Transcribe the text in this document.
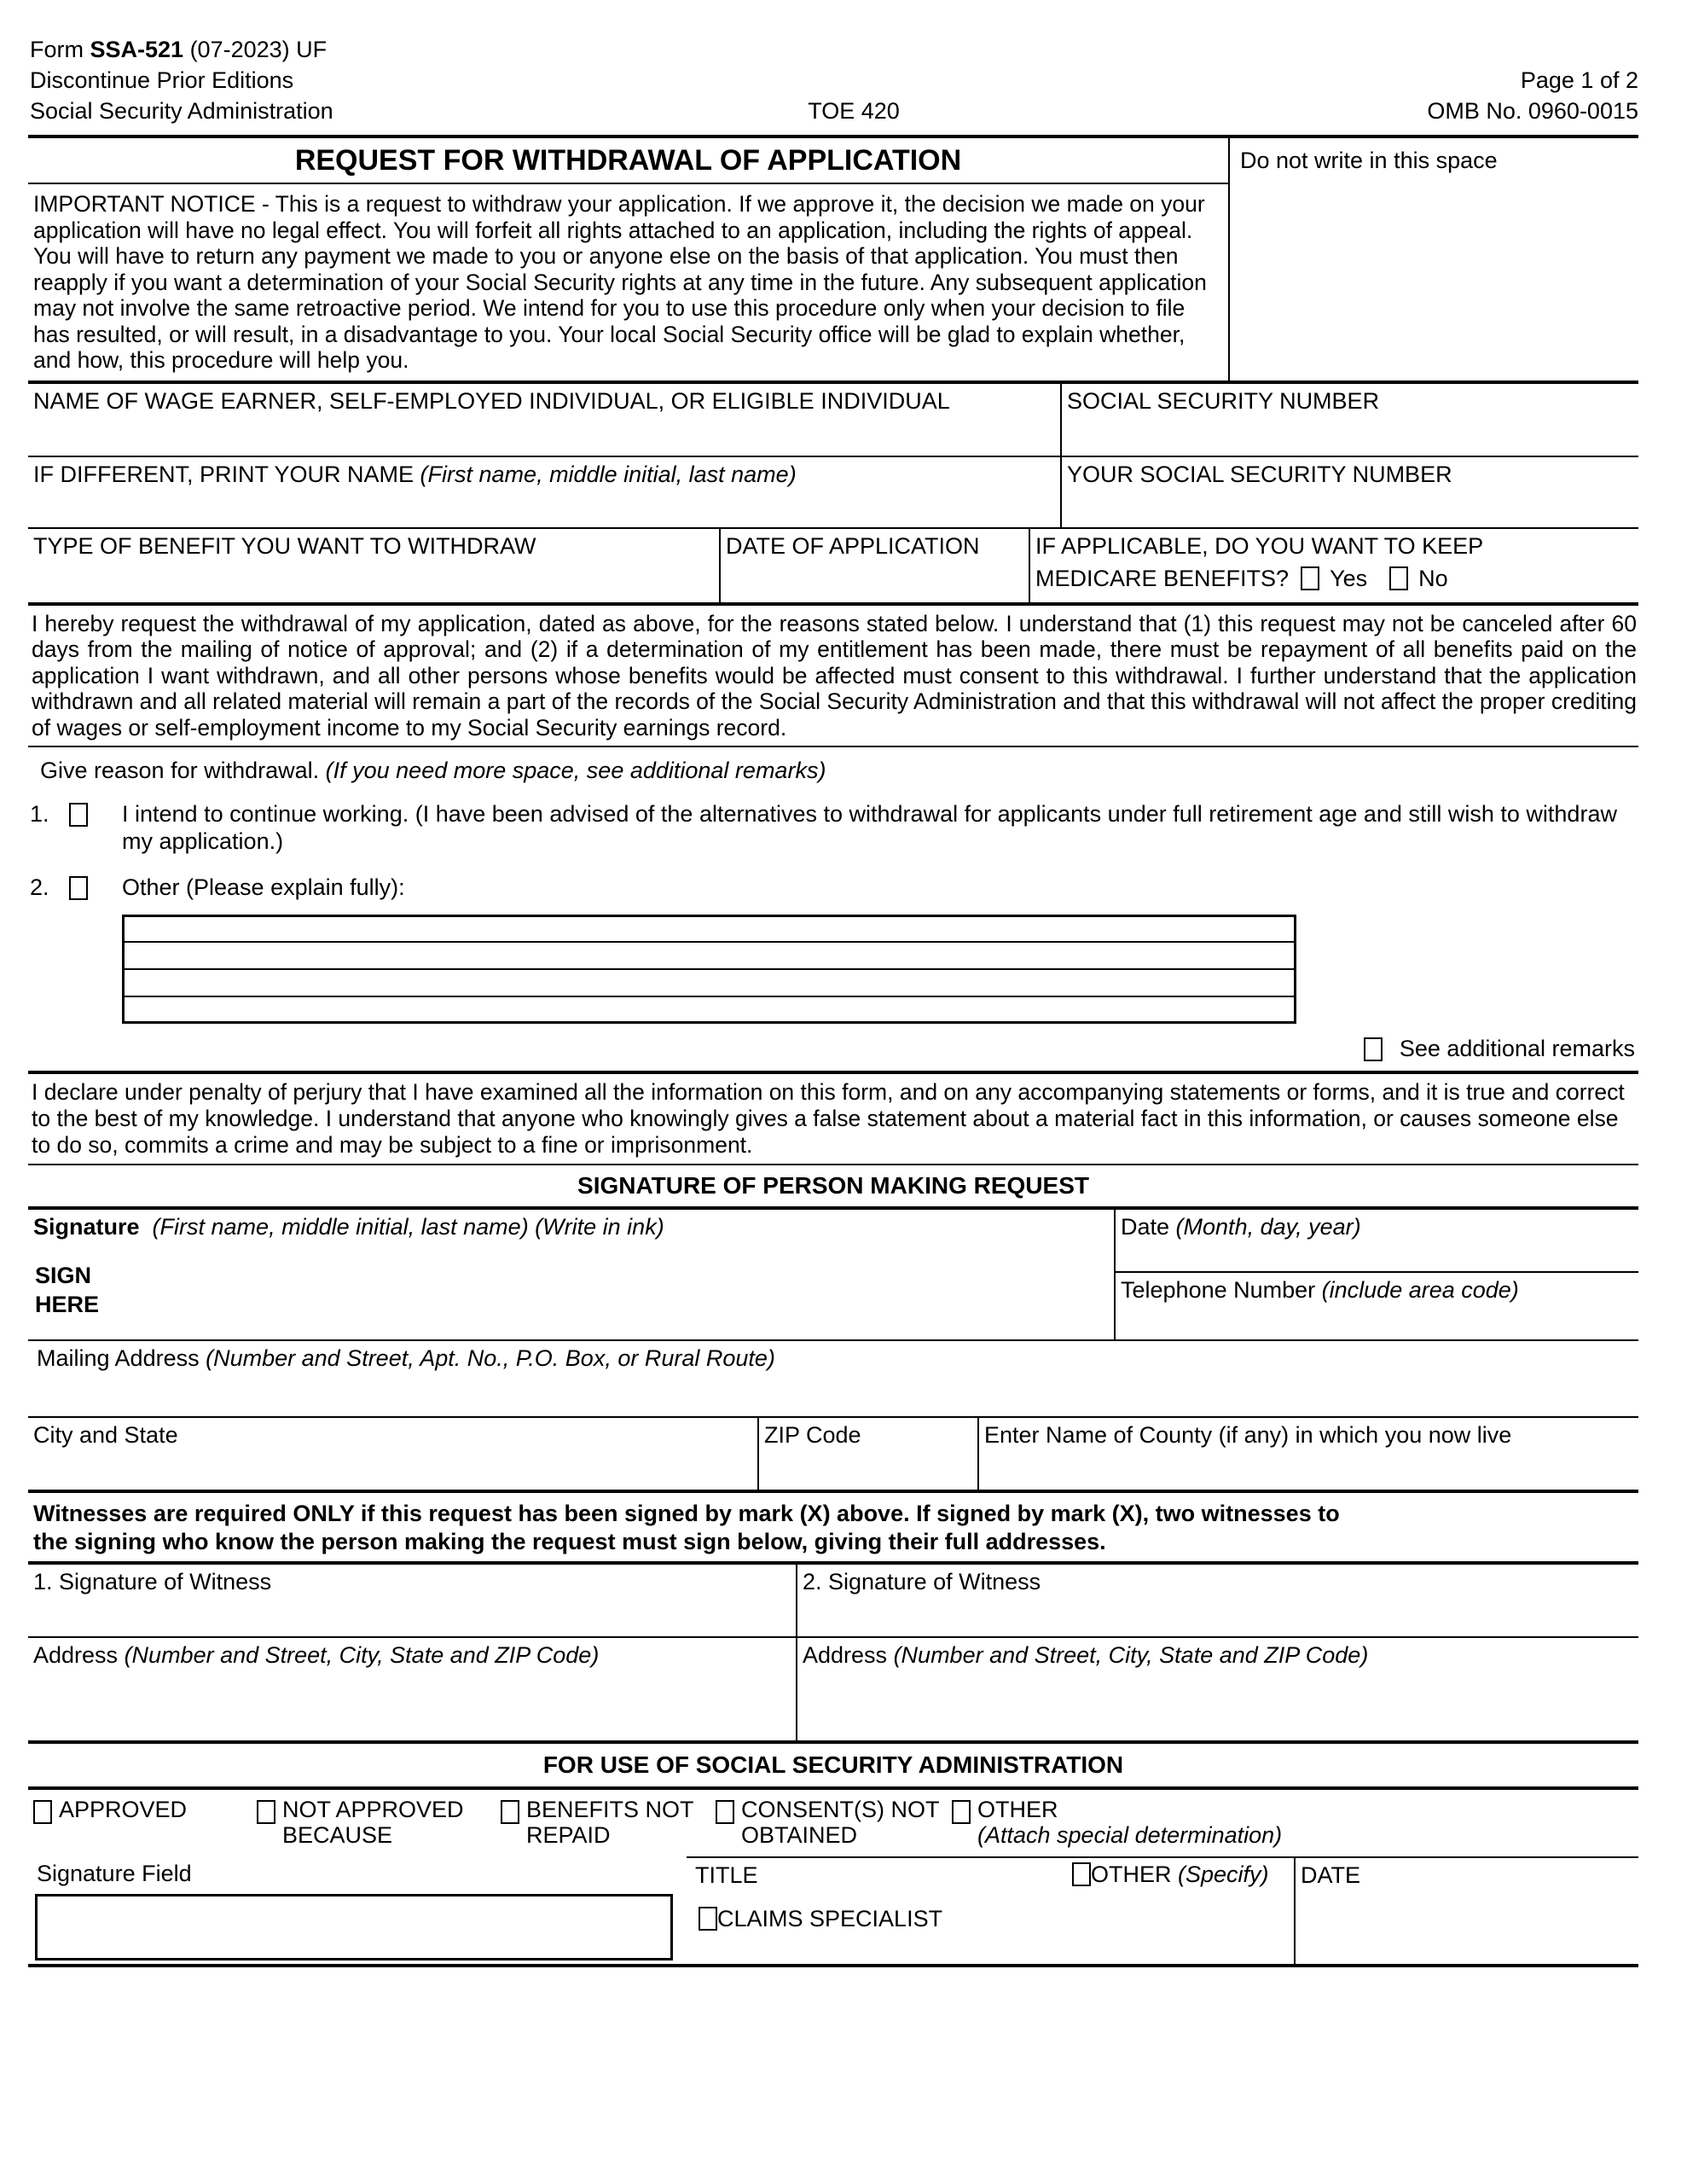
Form SSA-521 (07-2023) UF
Discontinue Prior Editions
Social Security Administration
Page 1 of 2
OMB No. 0960-0015
TOE 420
REQUEST FOR WITHDRAWAL OF APPLICATION	Do not write in this space
IMPORTANT NOTICE - This is a request to withdraw your application. If we approve it, the decision we made on your application will have no legal effect. You will forfeit all rights attached to an application, including the rights of appeal. You will have to return any payment we made to you or anyone else on the basis of that application. You must then reapply if you want a determination of your Social Security rights at any time in the future. Any subsequent application may not involve the same retroactive period. We intend for you to use this procedure only when your decision to file has resulted, or will result, in a disadvantage to you. Your local Social Security office will be glad to explain whether, and how, this procedure will help you.
NAME OF WAGE EARNER, SELF-EMPLOYED INDIVIDUAL, OR ELIGIBLE INDIVIDUAL	SOCIAL SECURITY NUMBER
IF DIFFERENT, PRINT YOUR NAME (First name, middle initial, last name)	YOUR SOCIAL SECURITY NUMBER
TYPE OF BENEFIT YOU WANT TO WITHDRAW	DATE OF APPLICATION	IF APPLICABLE, DO YOU WANT TO KEEP
MEDICARE BENEFITS? Yes No
I hereby request the withdrawal of my application, dated as above, for the reasons stated below. I understand that (1) this request may not be canceled after 60 days from the mailing of notice of approval; and (2) if a determination of my entitlement has been made, there must be repayment of all benefits paid on the application I want withdrawn, and all other persons whose benefits would be affected must consent to this withdrawal. I further understand that the application withdrawn and all related material will remain a part of the records of the Social Security Administration and that this withdrawal will not affect the proper crediting of wages or self-employment income to my Social Security earnings record.
Give reason for withdrawal. (If you need more space, see additional remarks)
1.	I intend to continue working. (I have been advised of the alternatives to withdrawal for applicants under full retirement age and still wish to withdraw my application.)
2.	Other (Please explain fully):
See additional remarks
I declare under penalty of perjury that I have examined all the information on this form, and on any accompanying statements or forms, and it is true and correct to the best of my knowledge. I understand that anyone who knowingly gives a false statement about a material fact in this information, or causes someone else to do so, commits a crime and may be subject to a fine or imprisonment.
SIGNATURE OF PERSON MAKING REQUEST
Signature (First name, middle initial, last name) (Write in ink)
SIGN
HERE
Date (Month, day, year)
Telephone Number (include area code)
Mailing Address (Number and Street, Apt. No., P.O. Box, or Rural Route)
City and State	ZIP Code	Enter Name of County (if any) in which you now live
Witnesses are required ONLY if this request has been signed by mark (X) above. If signed by mark (X), two witnesses to
the signing who know the person making the request must sign below, giving their full addresses.
1. Signature of Witness	2. Signature of Witness
Address (Number and Street, City, State and ZIP Code)	Address (Number and Street, City, State and ZIP Code)
FOR USE OF SOCIAL SECURITY ADMINISTRATION
APPROVED	NOT APPROVED
BECAUSE
BENEFITS NOT
REPAID
CONSENT(S) NOT
OBTAINED
OTHER
(Attach special determination)
Signature Field	TITLE	OTHER (Specify)
CLAIMS SPECIALIST
DATE
